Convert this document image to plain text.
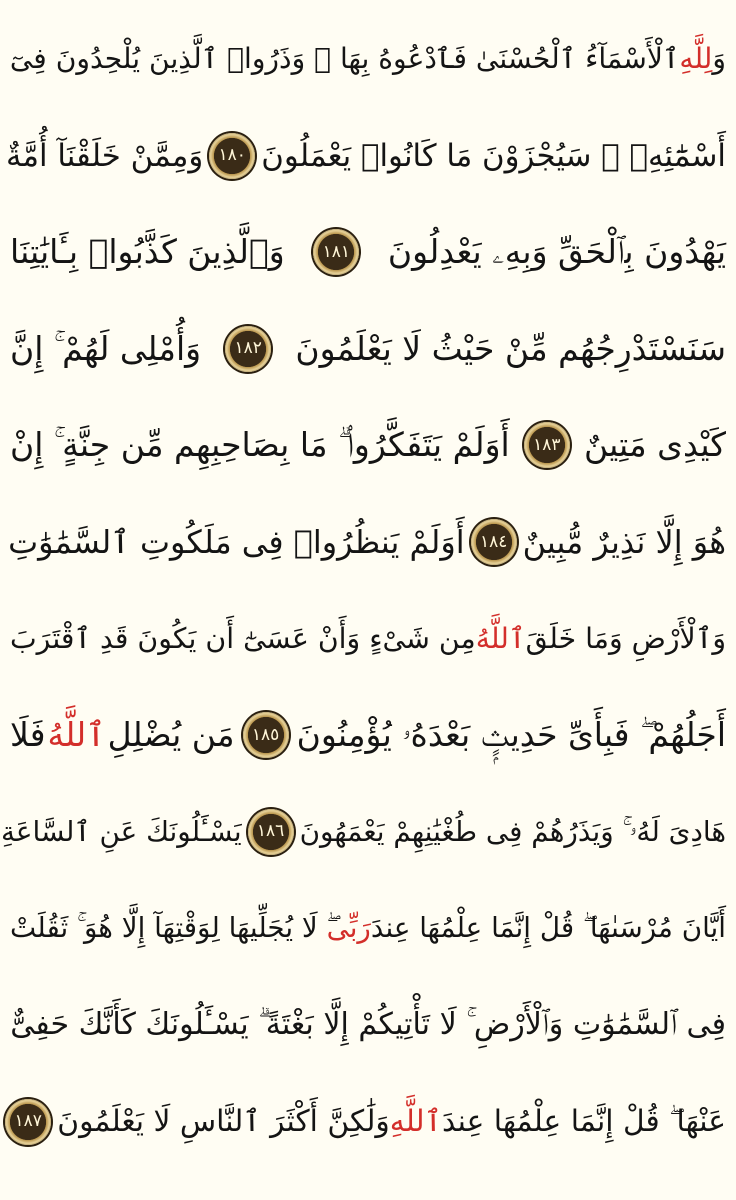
وَ
لِلَّهِ
ٱلْأَسْمَآءُ ٱلْحُسْنَىٰ فَٱدْعُوهُ بِهَا ۖ وَذَرُوا۟ ٱلَّذِينَ يُلْحِدُونَ فِىٓ
أَسْمَٰٓئِهِۦ ۚ سَيُجْزَوْنَ مَا كَانُوا۟ يَعْمَلُونَ
١٨٠
وَمِمَّنْ خَلَقْنَآ أُمَّةٌ
يَهْدُونَ بِٱلْحَقِّ وَبِهِۦ يَعْدِلُونَ
١٨١
وَٱلَّذِينَ كَذَّبُوا۟ بِـَٔايَٰتِنَا
سَنَسْتَدْرِجُهُم مِّنْ حَيْثُ لَا يَعْلَمُونَ
١٨٢
وَأُمْلِى لَهُمْ ۚ إِنَّ
كَيْدِى مَتِينٌ
١٨٣
أَوَلَمْ يَتَفَكَّرُوا۟ ۗ مَا بِصَاحِبِهِم مِّن جِنَّةٍ ۚ إِنْ
هُوَ إِلَّا نَذِيرٌ مُّبِينٌ
١٨٤
أَوَلَمْ يَنظُرُوا۟ فِى مَلَكُوتِ ٱلسَّمَٰوَٰتِ
وَٱلْأَرْضِ وَمَا خَلَقَ
ٱللَّهُ
مِن شَىْءٍ وَأَنْ عَسَىٰٓ أَن يَكُونَ قَدِ ٱقْتَرَبَ
أَجَلُهُمْ ۖ فَبِأَىِّ حَدِيثٍۭ بَعْدَهُۥ يُؤْمِنُونَ
١٨٥
مَن يُضْلِلِ
ٱللَّهُ
فَلَا
هَادِىَ لَهُۥ ۚ وَيَذَرُهُمْ فِى طُغْيَٰنِهِمْ يَعْمَهُونَ
١٨٦
يَسْـَٔلُونَكَ عَنِ ٱلسَّاعَةِ
أَيَّانَ مُرْسَىٰهَا ۖ قُلْ إِنَّمَا عِلْمُهَا عِندَ
رَبِّى
ۖ لَا يُجَلِّيهَا لِوَقْتِهَآ إِلَّا هُوَ ۚ ثَقُلَتْ
فِى ٱلسَّمَٰوَٰتِ وَٱلْأَرْضِ ۚ لَا تَأْتِيكُمْ إِلَّا بَغْتَةً ۗ يَسْـَٔلُونَكَ كَأَنَّكَ حَفِىٌّ
عَنْهَا ۖ قُلْ إِنَّمَا عِلْمُهَا عِندَ
ٱللَّهِ
وَلَٰكِنَّ أَكْثَرَ ٱلنَّاسِ لَا يَعْلَمُونَ
١٨٧
